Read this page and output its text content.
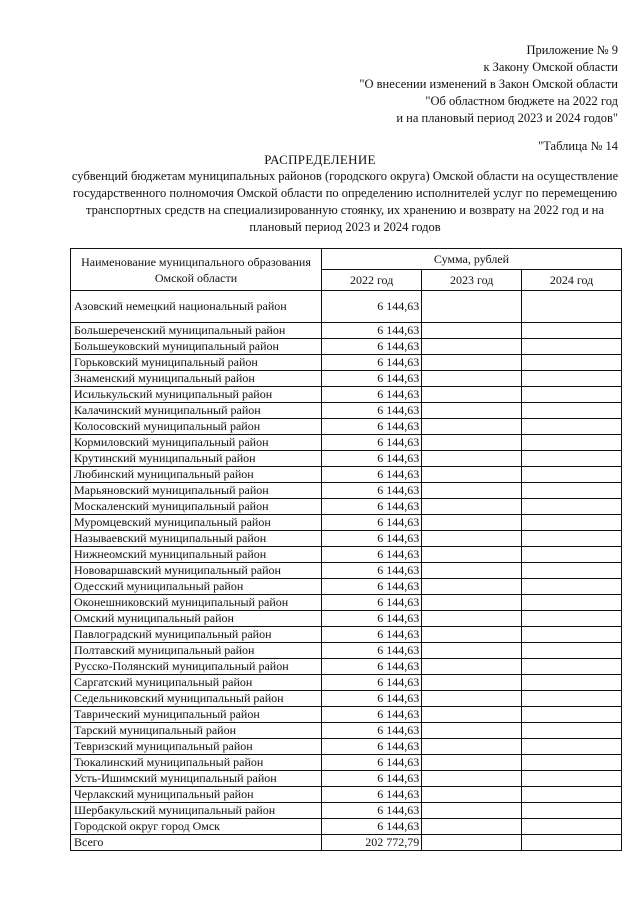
Приложение № 9
к Закону Омской области
"О внесении изменений в Закон Омской области
"Об областном бюджете на 2022 год
и на плановый период 2023 и 2024 годов"
"Таблица № 14
РАСПРЕДЕЛЕНИЕ
субвенций бюджетам муниципальных районов (городского округа) Омской области на осуществление государственного полномочия Омской области по определению исполнителей услуг по перемещению транспортных средств на специализированную стоянку, их хранению и возврату на 2022 год и на плановый период 2023 и 2024 годов
Наименование муниципального образования Омской области	Сумма, рублей		
	2022 год	2023 год	2024 год
Азовский немецкий национальный район	6 144,63		
Большереченский муниципальный район	6 144,63		
Большеуковский муниципальный район	6 144,63		
Горьковский муниципальный район	6 144,63		
Знаменский муниципальный район	6 144,63		
Исилькульский муниципальный район	6 144,63		
Калачинский муниципальный район	6 144,63		
Колосовский муниципальный район	6 144,63		
Кормиловский муниципальный район	6 144,63		
Крутинский муниципальный район	6 144,63		
Любинский муниципальный район	6 144,63		
Марьяновский муниципальный район	6 144,63		
Москаленский муниципальный район	6 144,63		
Муромцевский муниципальный район	6 144,63		
Называевский муниципальный район	6 144,63		
Нижнеомский муниципальный район	6 144,63		
Нововаршавский муниципальный район	6 144,63		
Одесский муниципальный район	6 144,63		
Оконешниковский муниципальный район	6 144,63		
Омский муниципальный район	6 144,63		
Павлоградский муниципальный район	6 144,63		
Полтавский муниципальный район	6 144,63		
Русско-Полянский муниципальный район	6 144,63		
Саргатский муниципальный район	6 144,63		
Седельниковский муниципальный район	6 144,63		
Таврический муниципальный район	6 144,63		
Тарский муниципальный район	6 144,63		
Тевризский муниципальный район	6 144,63		
Тюкалинский муниципальный район	6 144,63		
Усть-Ишимский муниципальный район	6 144,63		
Черлакский муниципальный район	6 144,63		
Шербакульский муниципальный район	6 144,63		
Городской округ город Омск	6 144,63		
Всего	202 772,79		
